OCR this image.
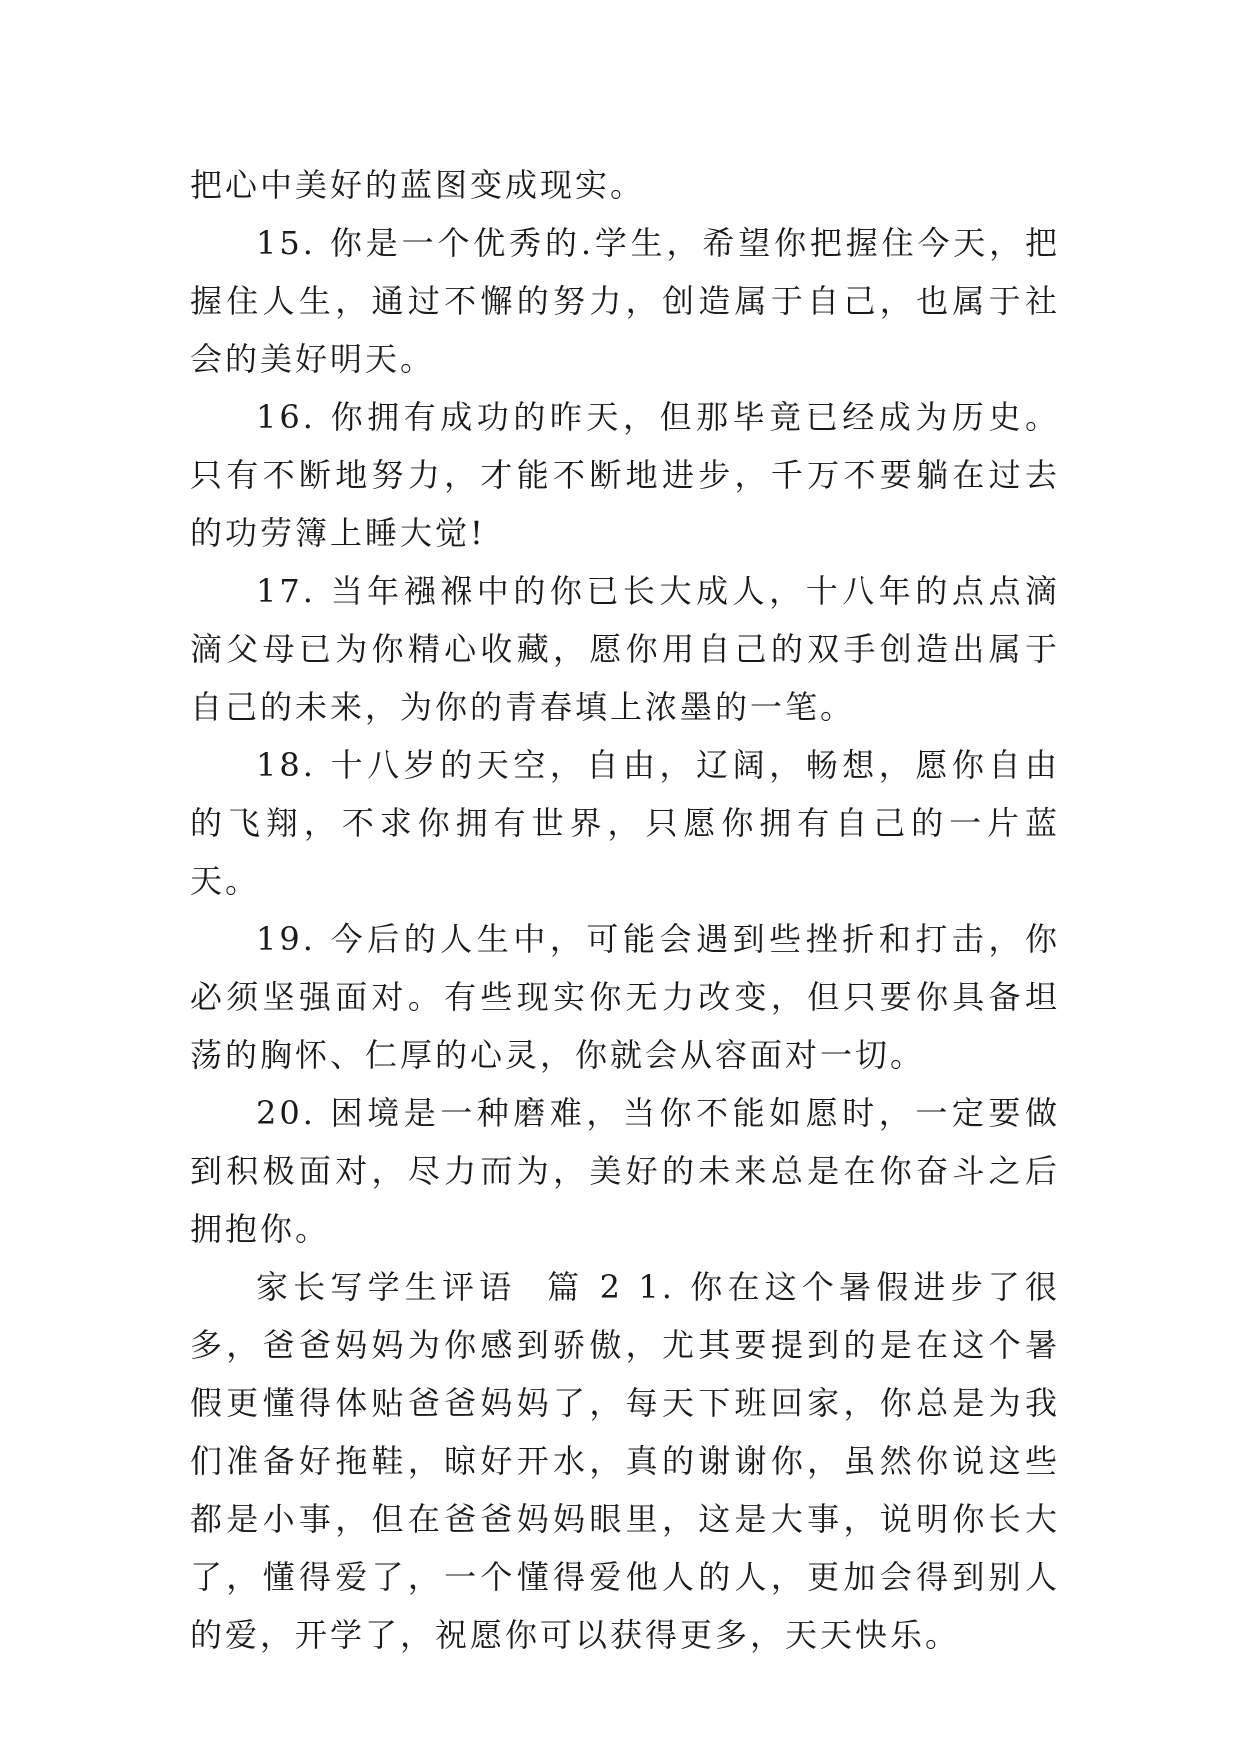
把心中美好的蓝图变成现实。

15. 你是一个优秀的.学生，希望你把握住今天，把握住人生，通过不懈的努力，创造属于自己，也属于社会的美好明天。

16. 你拥有成功的昨天，但那毕竟已经成为历史。只有不断地努力，才能不断地进步，千万不要躺在过去的功劳簿上睡大觉!

17. 当年襁褓中的你已长大成人，十八年的点点滴滴父母已为你精心收藏，愿你用自己的双手创造出属于自己的未来，为你的青春填上浓墨的一笔。

18. 十八岁的天空，自由，辽阔，畅想，愿你自由的飞翔，不求你拥有世界，只愿你拥有自己的一片蓝天。

19. 今后的人生中，可能会遇到些挫折和打击，你必须坚强面对。有些现实你无力改变，但只要你具备坦荡的胸怀、仁厚的心灵，你就会从容面对一切。

20. 困境是一种磨难，当你不能如愿时，一定要做到积极面对，尽力而为，美好的未来总是在你奋斗之后拥抱你。

家长写学生评语  篇 2 1. 你在这个暑假进步了很多，爸爸妈妈为你感到骄傲，尤其要提到的是在这个暑假更懂得体贴爸爸妈妈了，每天下班回家，你总是为我们准备好拖鞋，晾好开水，真的谢谢你，虽然你说这些都是小事，但在爸爸妈妈眼里，这是大事，说明你长大了，懂得爱了，一个懂得爱他人的人，更加会得到别人的爱，开学了，祝愿你可以获得更多，天天快乐。
